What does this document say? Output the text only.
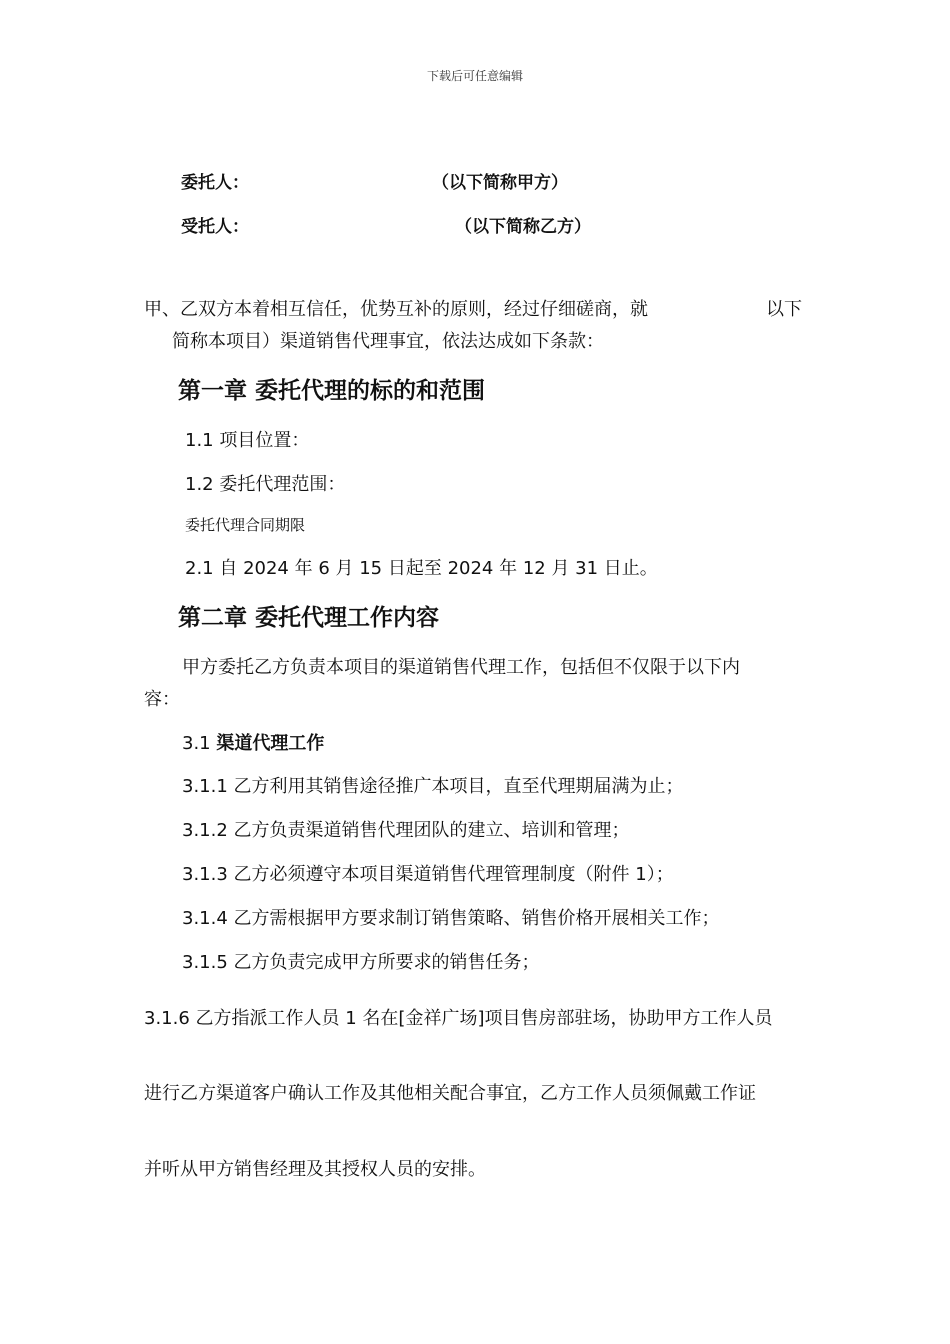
下载后可任意编辑
委托人：	（以下简称甲方）
受托人：	（以下简称乙方）
甲、乙双方本着相互信任，优势互补的原则，经过仔细磋商，就	以下
简称本项目）渠道销售代理事宜，依法达成如下条款：
第一章 委托代理的标的和范围
1.1 项目位置：
1.2 委托代理范围：
委托代理合同期限
2.1 自 2024 年 6 月 15 日起至 2024 年 12 月 31 日止。
第二章 委托代理工作内容
甲方委托乙方负责本项目的渠道销售代理工作，包括但不仅限于以下内
容：
3.1 渠道代理工作
3.1.1 乙方利用其销售途径推广本项目，直至代理期届满为止；
3.1.2 乙方负责渠道销售代理团队的建立、培训和管理；
3.1.3 乙方必须遵守本项目渠道销售代理管理制度（附件 1）；
3.1.4 乙方需根据甲方要求制订销售策略、销售价格开展相关工作；
3.1.5 乙方负责完成甲方所要求的销售任务；
3.1.6 乙方指派工作人员 1 名在[金祥广场]项目售房部驻场，协助甲方工作人员
进行乙方渠道客户确认工作及其他相关配合事宜，乙方工作人员须佩戴工作证
并听从甲方销售经理及其授权人员的安排。
